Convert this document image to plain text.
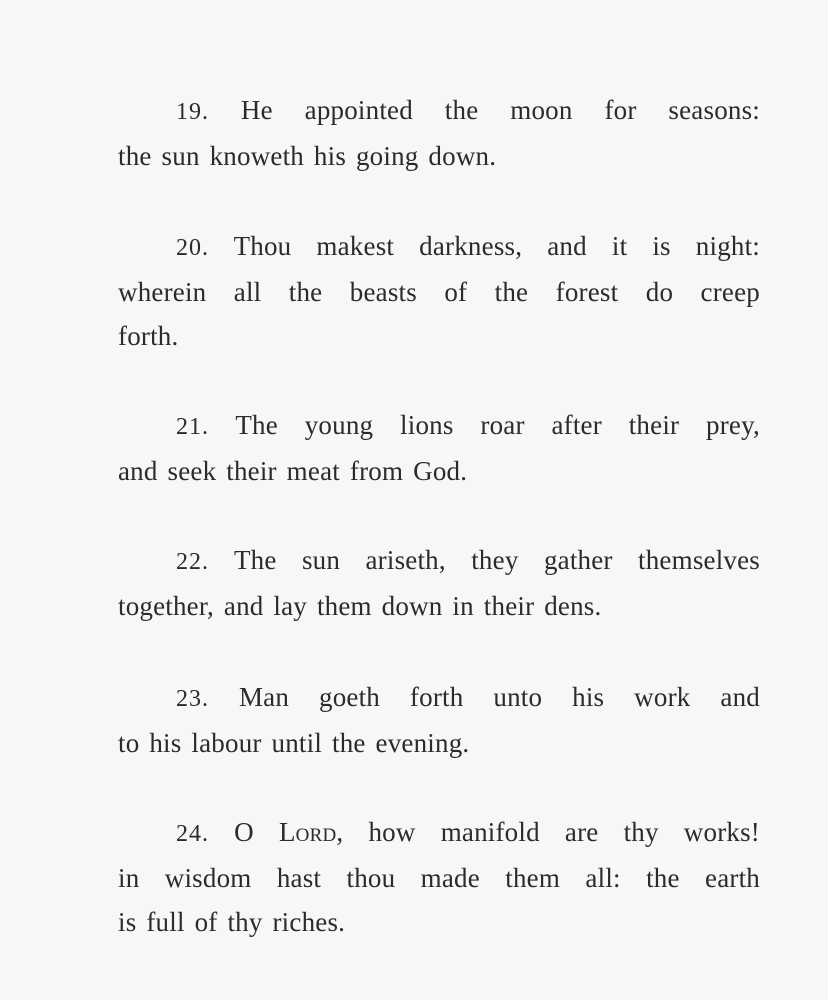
19. He appointed the moon for seasons:
the sun knoweth his going down.

20. Thou makest darkness, and it is night:
wherein all the beasts of the forest do creep
forth.

21. The young lions roar after their prey,
and seek their meat from God.

22. The sun ariseth, they gather themselves
together, and lay them down in their dens.

23. Man goeth forth unto his work and
to his labour until the evening.

24. O Lord, how manifold are thy works!
in wisdom hast thou made them all: the earth
is full of thy riches.
